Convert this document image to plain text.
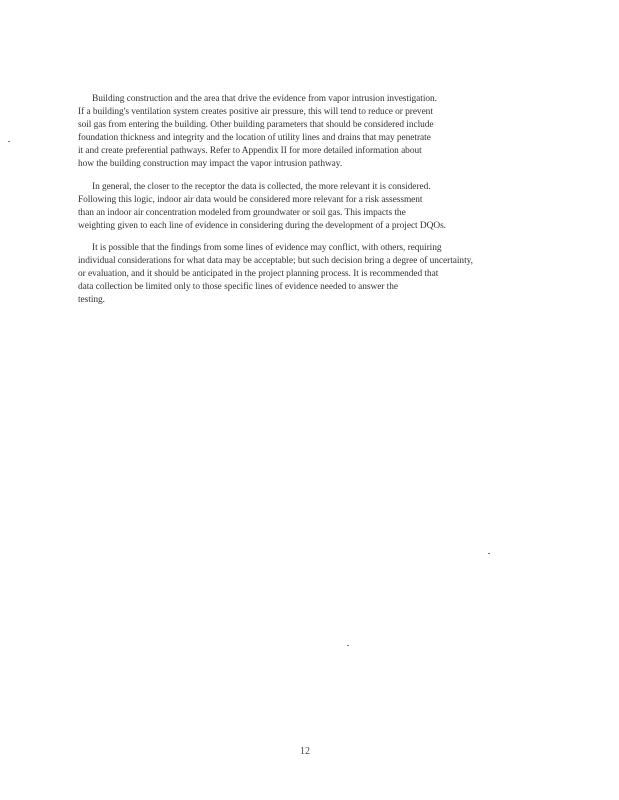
Building construction and the area that drive the evidence from vapor intrusion investigation.
If a building's ventilation system creates positive air pressure, this will tend to reduce or prevent
soil gas from entering the building. Other building parameters that should be considered include
foundation thickness and integrity and the location of utility lines and drains that may penetrate
it and create preferential pathways. Refer to Appendix II for more detailed information about
how the building construction may impact the vapor intrusion pathway.

In general, the closer to the receptor the data is collected, the more relevant it is considered.
Following this logic, indoor air data would be considered more relevant for a risk assessment
than an indoor air concentration modeled from groundwater or soil gas. This impacts the
weighting given to each line of evidence in considering during the development of a project DQOs.

It is possible that the findings from some lines of evidence may conflict, with others, requiring
individual considerations for what data may be acceptable; but such decision bring a degree of uncertainty,
or evaluation, and it should be anticipated in the project planning process. It is recommended that
data collection be limited only to those specific lines of evidence needed to answer the
testing.

12
